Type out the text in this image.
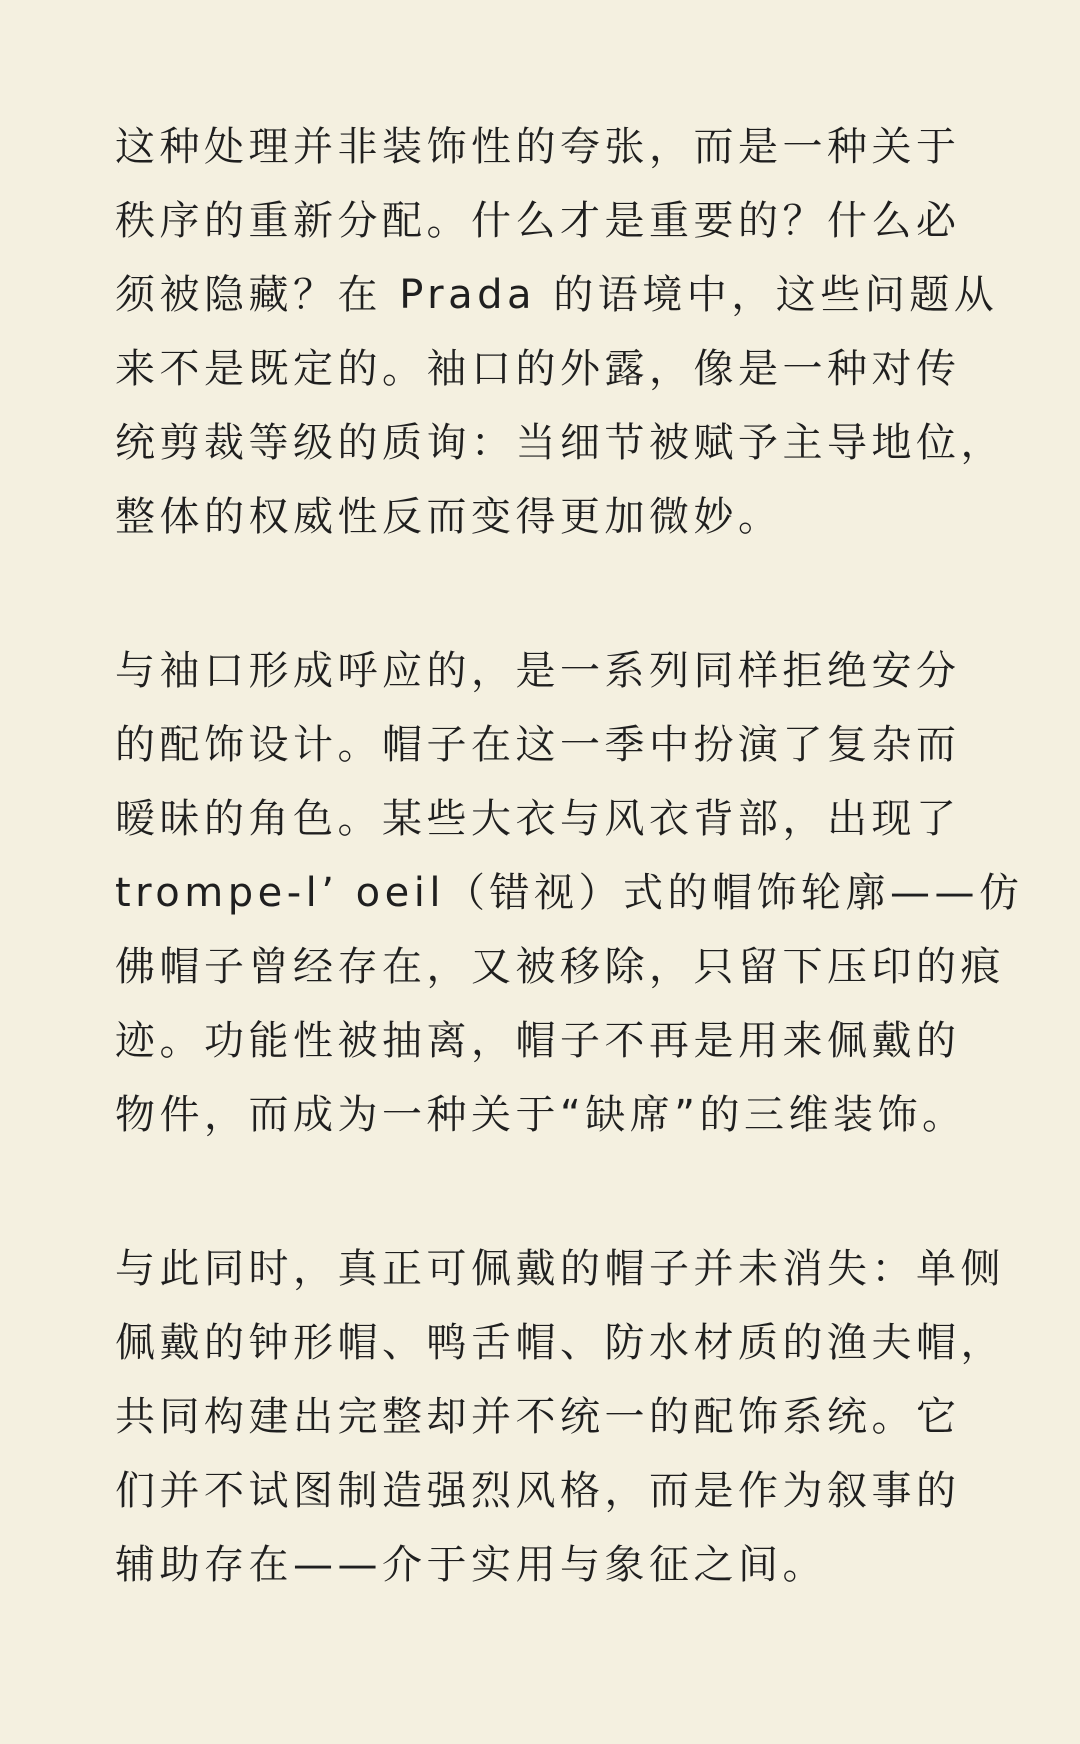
这种处理并非装饰性的夸张，而是一种关于
秩序的重新分配。什么才是重要的？什么必
须被隐藏？在 Prada 的语境中，这些问题从
来不是既定的。袖口的外露，像是一种对传
统剪裁等级的质询：当细节被赋予主导地位，
整体的权威性反而变得更加微妙。

与袖口形成呼应的，是一系列同样拒绝安分
的配饰设计。帽子在这一季中扮演了复杂而
暧昧的角色。某些大衣与风衣背部，出现了
trompe-l’ oeil（错视）式的帽饰轮廓——仿
佛帽子曾经存在，又被移除，只留下压印的痕
迹。功能性被抽离，帽子不再是用来佩戴的
物件，而成为一种关于“缺席”的三维装饰。

与此同时，真正可佩戴的帽子并未消失：单侧
佩戴的钟形帽、鸭舌帽、防水材质的渔夫帽，
共同构建出完整却并不统一的配饰系统。它
们并不试图制造强烈风格，而是作为叙事的
辅助存在——介于实用与象征之间。
